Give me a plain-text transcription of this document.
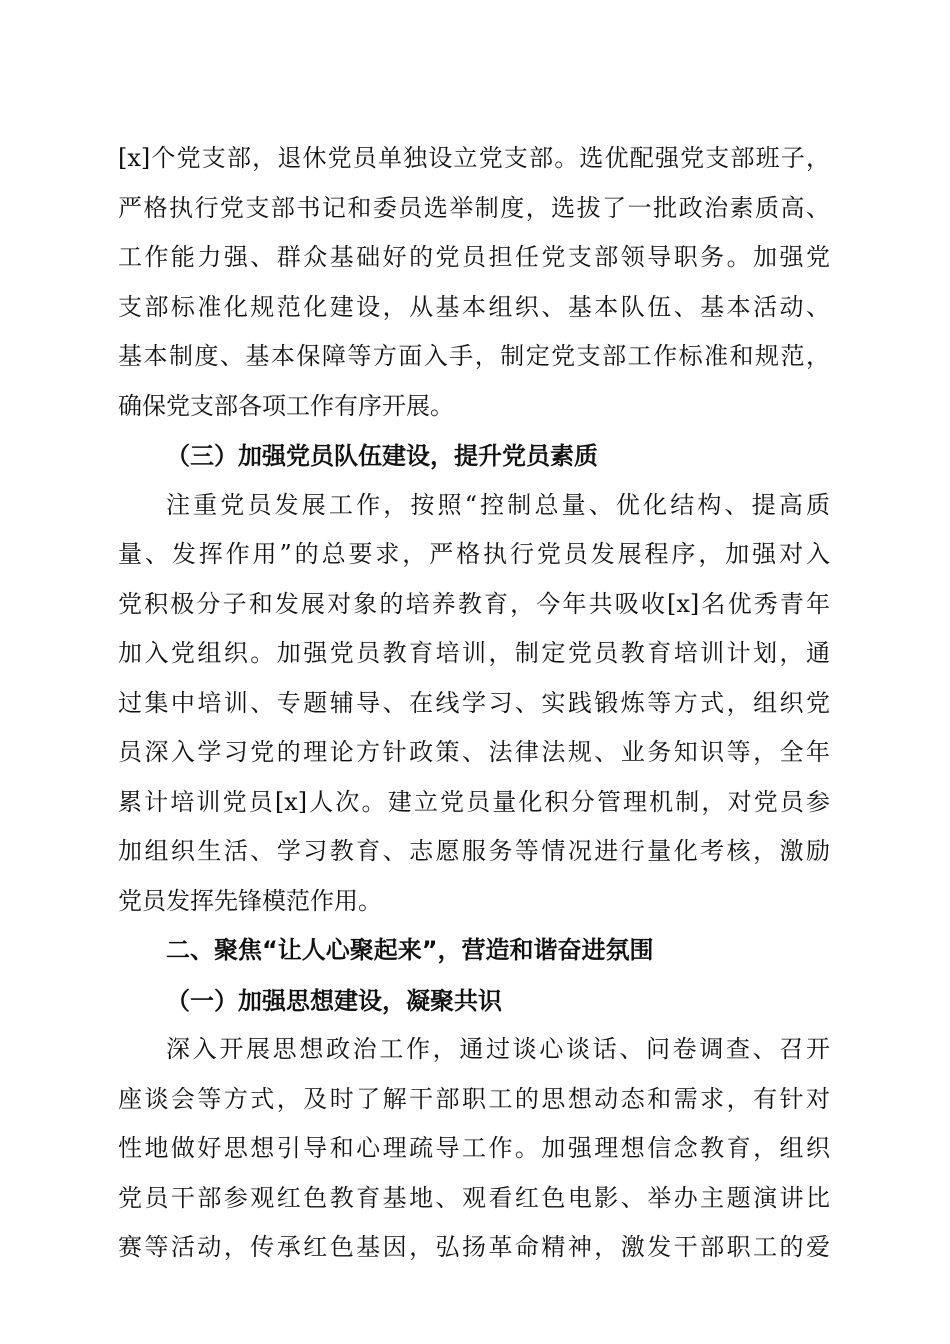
[x]个党支部，退休党员单独设立党支部。选优配强党支部班子，
严格执行党支部书记和委员选举制度，选拔了一批政治素质高、
工作能力强、群众基础好的党员担任党支部领导职务。加强党
支部标准化规范化建设，从基本组织、基本队伍、基本活动、
基本制度、基本保障等方面入手，制定党支部工作标准和规范，
确保党支部各项工作有序开展。
（三）加强党员队伍建设，提升党员素质
注重党员发展工作，按照“控制总量、优化结构、提高质
量、发挥作用”的总要求，严格执行党员发展程序，加强对入
党积极分子和发展对象的培养教育，今年共吸收[x]名优秀青年
加入党组织。加强党员教育培训，制定党员教育培训计划，通
过集中培训、专题辅导、在线学习、实践锻炼等方式，组织党
员深入学习党的理论方针政策、法律法规、业务知识等，全年
累计培训党员[x]人次。建立党员量化积分管理机制，对党员参
加组织生活、学习教育、志愿服务等情况进行量化考核，激励
党员发挥先锋模范作用。
二、聚焦“让人心聚起来”，营造和谐奋进氛围
（一）加强思想建设，凝聚共识
深入开展思想政治工作，通过谈心谈话、问卷调查、召开
座谈会等方式，及时了解干部职工的思想动态和需求，有针对
性地做好思想引导和心理疏导工作。加强理想信念教育，组织
党员干部参观红色教育基地、观看红色电影、举办主题演讲比
赛等活动，传承红色基因，弘扬革命精神，激发干部职工的爱
